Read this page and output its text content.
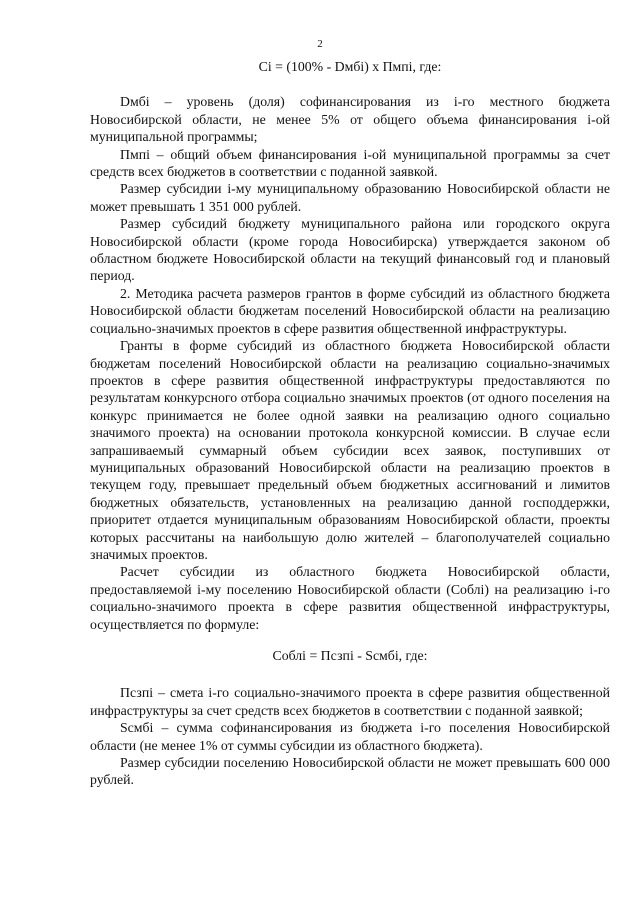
2

Ci = (100% - Dмбi) x Пмпi, где:

Dмбi – уровень (доля) софинансирования из i-го местного бюджета Новосибирской области, не менее 5% от общего объема финансирования i-ой муниципальной программы;

Пмпi – общий объем финансирования i-ой муниципальной программы за счет средств всех бюджетов в соответствии с поданной заявкой.

Размер субсидии i-му муниципальному образованию Новосибирской области не может превышать 1 351 000 рублей.

Размер субсидий бюджету муниципального района или городского округа Новосибирской области (кроме города Новосибирска) утверждается законом об областном бюджете Новосибирской области на текущий финансовый год и плановый период.

2. Методика расчета размеров грантов в форме субсидий из областного бюджета Новосибирской области бюджетам поселений Новосибирской области на реализацию социально-значимых проектов в сфере развития общественной инфраструктуры.

Гранты в форме субсидий из областного бюджета Новосибирской области бюджетам поселений Новосибирской области на реализацию социально-значимых проектов в сфере развития общественной инфраструктуры предоставляются по результатам конкурсного отбора социально значимых проектов (от одного поселения на конкурс принимается не более одной заявки на реализацию одного социально значимого проекта) на основании протокола конкурсной комиссии. В случае если запрашиваемый суммарный объем субсидии всех заявок, поступивших от муниципальных образований Новосибирской области на реализацию проектов в текущем году, превышает предельный объем бюджетных ассигнований и лимитов бюджетных обязательств, установленных на реализацию данной господдержки, приоритет отдается муниципальным образованиям Новосибирской области, проекты которых рассчитаны на наибольшую долю жителей – благополучателей социально значимых проектов.

Расчет субсидии из областного бюджета Новосибирской области, предоставляемой i-му поселению Новосибирской области (Соблi) на реализацию i-го социально-значимого проекта в сфере развития общественной инфраструктуры, осуществляется по формуле:

Соблi = Псзпi - Sсмбi, где:

Псзпi – смета i-го социально-значимого проекта в сфере развития общественной инфраструктуры за счет средств всех бюджетов в соответствии с поданной заявкой;

Sсмбi – сумма софинансирования из бюджета i-го поселения Новосибирской области (не менее 1% от суммы субсидии из областного бюджета).

Размер субсидии поселению Новосибирской области не может превышать 600 000 рублей.
